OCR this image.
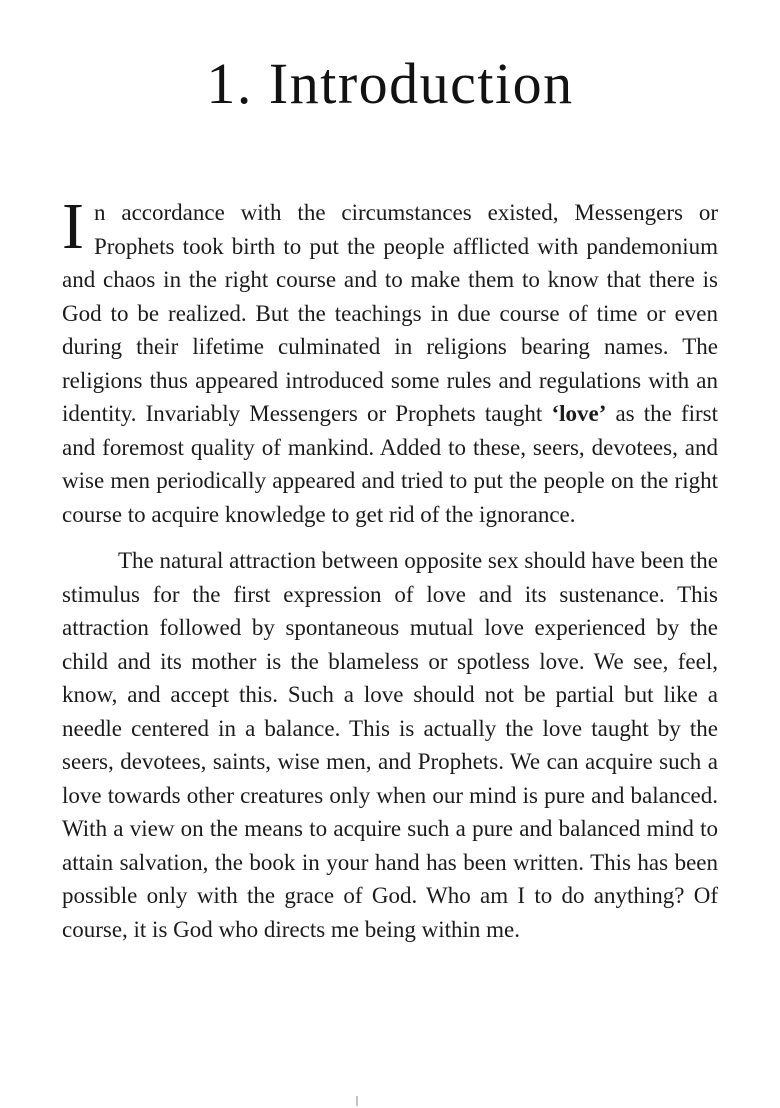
1. Introduction

In accordance with the circumstances existed, Messengers or Prophets took birth to put the people afflicted with pandemonium and chaos in the right course and to make them to know that there is God to be realized. But the teachings in due course of time or even during their lifetime culminated in religions bearing names. The religions thus appeared introduced some rules and regulations with an identity. Invariably Messengers or Prophets taught ‘love’ as the first and foremost quality of mankind. Added to these, seers, devotees, and wise men periodically appeared and tried to put the people on the right course to acquire knowledge to get rid of the ignorance.

The natural attraction between opposite sex should have been the stimulus for the first expression of love and its sustenance. This attraction followed by spontaneous mutual love experienced by the child and its mother is the blameless or spotless love. We see, feel, know, and accept this. Such a love should not be partial but like a needle centered in a balance. This is actually the love taught by the seers, devotees, saints, wise men, and Prophets. We can acquire such a love towards other creatures only when our mind is pure and balanced. With a view on the means to acquire such a pure and balanced mind to attain salvation, the book in your hand has been written. This has been possible only with the grace of God. Who am I to do anything? Of course, it is God who directs me being within me.
